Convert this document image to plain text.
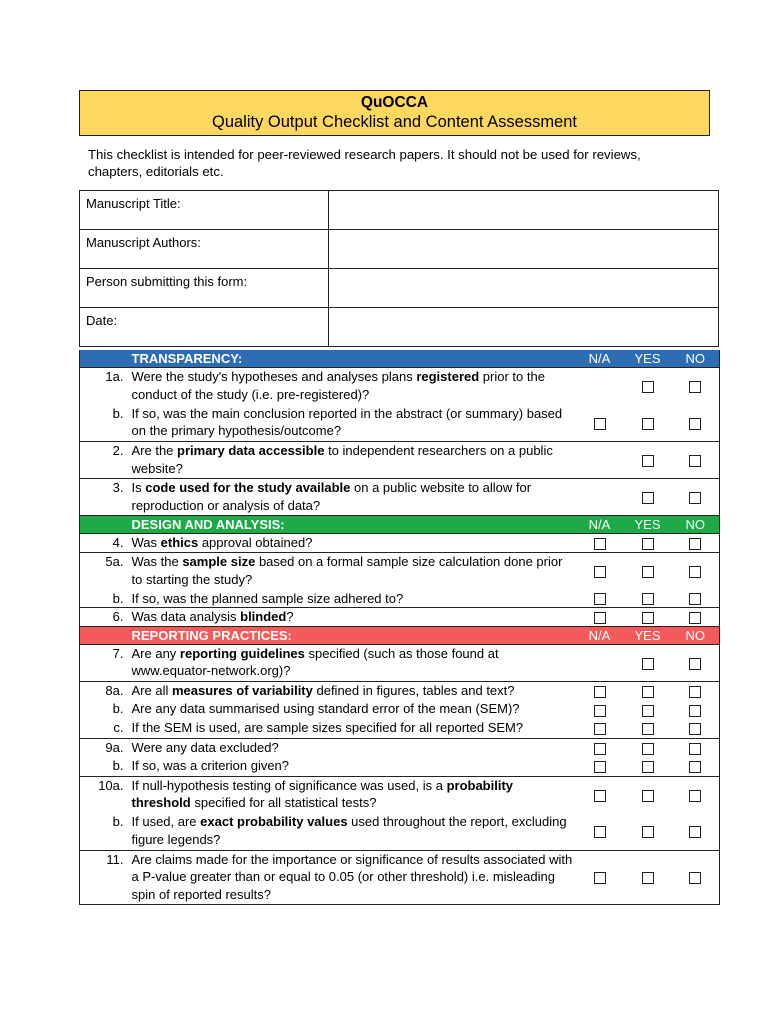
QuOCCA
Quality Output Checklist and Content Assessment
This checklist is intended for peer-reviewed research papers. It should not be used for reviews, chapters, editorials etc.
Manuscript Title:	
Manuscript Authors:	
Person submitting this form:	
Date:	
	TRANSPARENCY:	N/A	YES	NO
1a.	Were the study's hypotheses and analyses plans registered prior to the conduct of the study (i.e. pre-registered)?			
b.	If so, was the main conclusion reported in the abstract (or summary) based on the primary hypothesis/outcome?			
2.	Are the primary data accessible to independent researchers on a public website?			
3.	Is code used for the study available on a public website to allow for reproduction or analysis of data?			
	DESIGN AND ANALYSIS:	N/A	YES	NO
4.	Was ethics approval obtained?			
5a.	Was the sample size based on a formal sample size calculation done prior to starting the study?			
b.	If so, was the planned sample size adhered to?			
6.	Was data analysis blinded?			
	REPORTING PRACTICES:	N/A	YES	NO
7.	Are any reporting guidelines specified (such as those found at www.equator-network.org)?			
8a.	Are all measures of variability defined in figures, tables and text?			
b.	Are any data summarised using standard error of the mean (SEM)?			
c.	If the SEM is used, are sample sizes specified for all reported SEM?			
9a.	Were any data excluded?			
b.	If so, was a criterion given?			
10a.	If null-hypothesis testing of significance was used, is a probability threshold specified for all statistical tests?			
b.	If used, are exact probability values used throughout the report, excluding figure legends?			
11.	Are claims made for the importance or significance of results associated with a P-value greater than or equal to 0.05 (or other threshold) i.e. misleading spin of reported results?			
